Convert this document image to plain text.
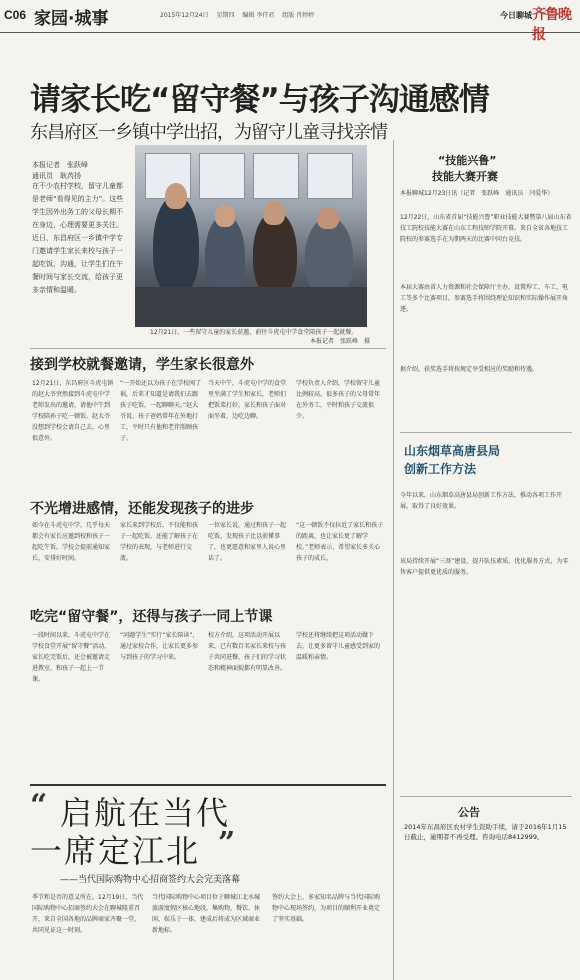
C06 家园·城事	2015年12月24日 星期四 编辑 李仟君 组版 肖婷婷	今日聊城 齐鲁晚报
请家长吃“留守餐”与孩子沟通感情
东昌府区一乡镇中学出招，为留守儿童寻找亲情
本报记者　张跃峰
通讯员　耿芮扬
在不少农村学校，留守儿童都是老师“看得见的主力”。这些学生因外出务工的父母长期不在身边，心理需要更多关注。近日，东昌府区一乡镇中学专门邀请学生家长来校与孩子一起吃饭、沟通，让学生们在午餐时间与家长交流，给孩子更多亲情和温暖。
12月21日，一些留守儿童的家长获邀，前往斗虎屯中学食堂陪孩子一起就餐。
本报记者　张跃峰　摄
接到学校就餐邀请，学生家长很意外
12月21日，东昌府区斗虎屯镇的赵大爷突然接到斗虎屯中学老师发出的邀请，请他中午到学校陪孙子吃一顿饭。赵大爷没想到学校会请自己去，心里很意外。
“一开始还以为孩子在学校闯了祸，后来才知道是请我们去跟孩子吃饭，一起聊聊天。”赵大爷说，孩子爸妈常年在外地打工，平时只有他和老伴照顾孩子。
当天中午，斗虎屯中学的食堂里坐满了学生和家长，老师们把饭菜打好，家长和孩子面对面坐着，边吃边聊。
学校负责人介绍，学校留守儿童比例较高，很多孩子的父母常年在外务工，平时和孩子交流很少。
不光增进感情，还能发现孩子的进步
如今在斗虎屯中学，几乎每天都会有家长应邀到校和孩子一起吃午饭。学校会提前通知家长，安排好时间。
家长来到学校后，不仅能和孩子一起吃饭，还能了解孩子在学校的表现，与老师进行交流。
一位家长说，通过和孩子一起吃饭，发现孩子比以前懂事了，也更愿意和家里人说心里话了。
“这一顿饭不仅拉近了家长和孩子的距离，也让家长更了解学校。”老师表示，希望家长多关心孩子的成长。
吃完“留守餐”，还得与孩子一同上节课
一段时间以来，斗虎屯中学在学校食堂开展“留守餐”活动，家长吃完饭后，还会被邀请走进教室，和孩子一起上一节课。
“问题学生”实行“家长陪读”，通过家校合作，让家长更多参与到孩子的学习中来。
校方介绍，这项活动开展以来，已有数百名家长来校与孩子共同进餐，孩子们的学习状态和精神面貌都有明显改善。
学校还将继续把这项活动做下去，让更多留守儿童感受到家的温暖和亲情。
“技能兴鲁”
技能大赛开赛
本报聊城12月23日讯（记者　张跃峰　通讯员　闫爱华）
12月22日，山东省首届“技能兴鲁”职业技能大赛暨第八届山东省技工院校技能大赛在山东工程技师学院开幕。来自全省各地技工院校的参赛选手在为期两天的比赛中同台竞技。
本届大赛由省人力资源和社会保障厅主办，设置焊工、车工、电工等多个比赛项目，参赛选手将围绕理论知识和实际操作展开角逐。
据介绍，获奖选手将按规定享受相应的奖励和待遇。
山东烟草高唐县局
创新工作方法
今年以来，山东烟草高唐县局创新工作方法，推动各项工作开展，取得了良好效果。
该局持续开展“三基”建设，提升队伍素质，优化服务方式，为零售客户提供更优质的服务。
公告
2014年东昌府区农村学生资助手续，请于2016年1月15日截止，逾期者不再受理。咨询电话8412999。
“ 启航在当代
一席定江北 ”
——当代国际购物中心招商签约大会完美落幕
季节和是否的意义所在。12月19日，当代国际购物中心招商签约大会在聊城隆重召开，来自全国各地的品牌商家齐聚一堂，共同见证这一时刻。
当代国际购物中心项目位于聊城江北水城旅游度假区核心地段，集购物、餐饮、休闲、娱乐于一体，建成后将成为区域商业新地标。
签约大会上，多家知名品牌与当代国际购物中心现场签约，为项目的顺利开业奠定了坚实基础。
